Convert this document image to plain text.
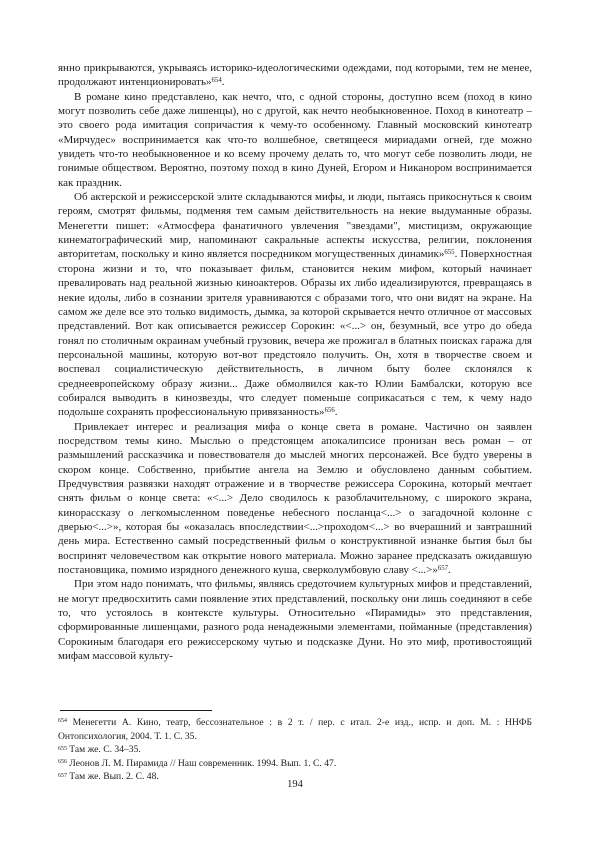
янно прикрываются, укрываясь историко-идеологическими одеждами, под которыми, тем не менее, продолжают интенционировать»$^{654}$.

В романе кино представлено, как нечто, что, с одной стороны, доступно всем (поход в кино могут позволить себе даже лишенцы), но с другой, как нечто необыкновенное. Поход в кинотеатр – это своего рода имитация сопричастия к чему-то особенному. Главный московский кинотеатр «Мирчудес» воспринимается как что-то волшебное, светящееся мириадами огней, где можно увидеть что-то необыкновенное и ко всему прочему делать то, что могут себе позволить люди, не гонимые обществом. Вероятно, поэтому поход в кино Дуней, Егором и Никанором воспринимается как праздник.

Об актерской и режиссерской элите складываются мифы, и люди, пытаясь прикоснуться к своим героям, смотрят фильмы, подменяя тем самым действительность на некие выдуманные образы. Менегетти пишет: «Атмосфера фанатичного увлечения "звездами", мистицизм, окружающие кинематографический мир, напоминают сакральные аспекты искусства, религии, поклонения авторитетам, поскольку и кино является посредником могущественных динамик»$^{655}$. Поверхностная сторона жизни и то, что показывает фильм, становится неким мифом, который начинает превалировать над реальной жизнью киноактеров. Образы их либо идеализируются, превращаясь в некие идолы, либо в сознании зрителя уравниваются с образами того, что они видят на экране. На самом же деле все это только видимость, дымка, за которой скрывается нечто отличное от массовых представлений. Вот как описывается режиссер Сорокин: «<...> он, безумный, все утро до обеда гонял по столичным окраинам учебный грузовик, вечера же прожигал в блатных поисках гаража для персональной машины, которую вот-вот предстояло получить. Он, хотя в творчестве своем и воспевал социалистическую действительность, в личном быту более склонялся к среднеевропейскому образу жизни... Даже обмолвился как-то Юлии Бамбалски, которую все собирался выводить в кинозвезды, что следует поменьше соприкасаться с тем, к чему надо подольше сохранять профессиональную привязанность»$^{656}$.

Привлекает интерес и реализация мифа о конце света в романе. Частично он заявлен посредством темы кино. Мыслью о предстоящем апокалипсисе пронизан весь роман – от размышлений рассказчика и повествователя до мыслей многих персонажей. Все будто уверены в скором конце. Собственно, прибытие ангела на Землю и обусловлено данным событием. Предчувствия развязки находят отражение и в творчестве режиссера Сорокина, который мечтает снять фильм о конце света: «<...> Дело сводилось к разоблачительному, с широкого экрана, кинорассказу о легкомысленном поведенье небесного посланца<...> о загадочной колонне с дверью<...>», которая бы «оказалась впоследствии<...>проходом<...> во вчерашний и завтрашний день мира. Естественно самый посредственный фильм о конструктивной изнанке бытия был бы воспринят человечеством как открытие нового материала. Можно заранее предсказать ожидавшую постановщика, помимо изрядного денежного куша, сверколумбовую славу <...>»$^{657}$.

При этом надо понимать, что фильмы, являясь средоточием культурных мифов и представлений, не могут предвосхитить сами появление этих представлений, поскольку они лишь соединяют в себе то, что устоялось в контексте культуры. Относительно «Пирамиды» это представления, сформированные лишенцами, разного рода ненадежными элементами, пойманные (представления) Сорокиным благодаря его режиссерскому чутью и подсказке Дуни. Но это миф, противостоящий мифам массовой культу-

$^{654}$ Менегетти А. Кино, театр, бессознательное : в 2 т. / пер. с итал. 2-е изд., испр. и доп. М. : ННФБ Онтопсихология, 2004. Т. 1. С. 35.

$^{655}$ Там же. С. 34–35.

$^{656}$ Леонов Л. М. Пирамида // Наш современник. 1994. Вып. 1. С. 47.

$^{657}$ Там же. Вып. 2. С. 48.

194
